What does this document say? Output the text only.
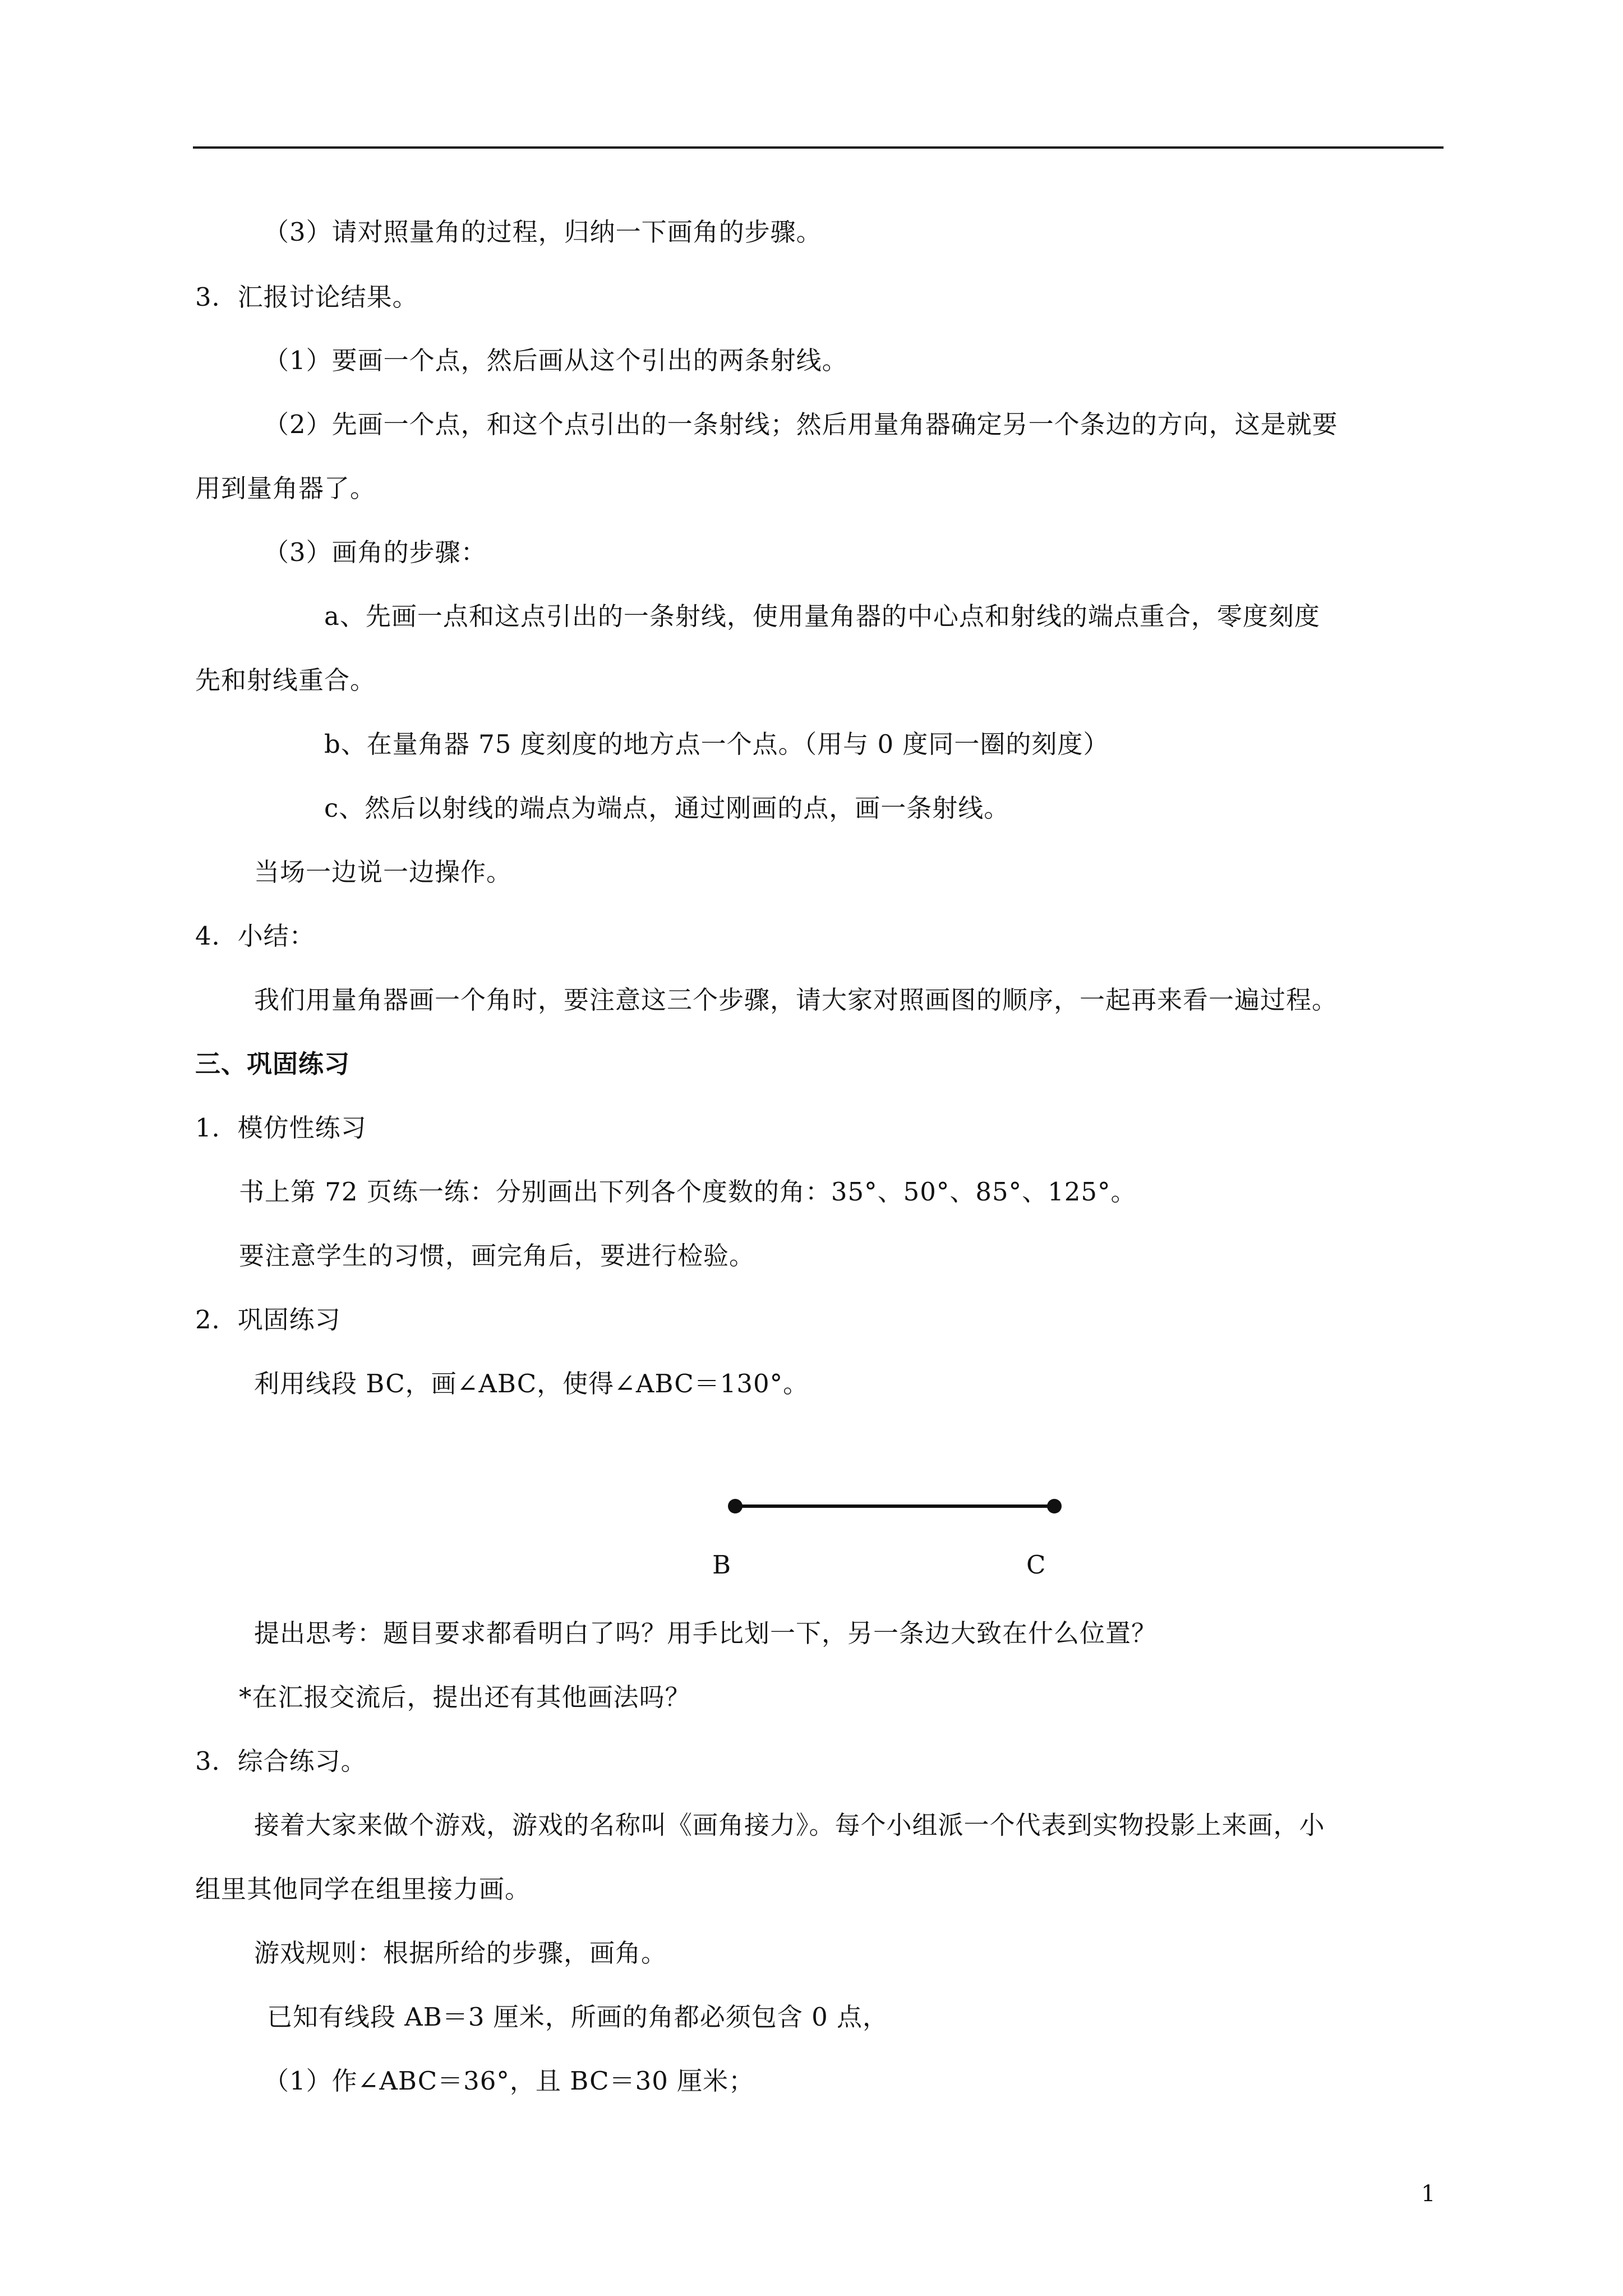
（3）请对照量角的过程，归纳一下画角的步骤。
3．汇报讨论结果。
（1）要画一个点，然后画从这个引出的两条射线。
（2）先画一个点，和这个点引出的一条射线；然后用量角器确定另一个条边的方向，这是就要
用到量角器了。
（3）画角的步骤：
a、先画一点和这点引出的一条射线，使用量角器的中心点和射线的端点重合，零度刻度
先和射线重合。
b、在量角器 75 度刻度的地方点一个点。（用与 0 度同一圈的刻度）
c、然后以射线的端点为端点，通过刚画的点，画一条射线。
当场一边说一边操作。
4．小结：
我们用量角器画一个角时，要注意这三个步骤，请大家对照画图的顺序，一起再来看一遍过程。
三、巩固练习
1．模仿性练习
书上第 72 页练一练：分别画出下列各个度数的角：35°、50°、85°、125°。
要注意学生的习惯，画完角后，要进行检验。
2．巩固练习
利用线段 BC，画∠ABC，使得∠ABC＝130°。
B	C
提出思考：题目要求都看明白了吗？用手比划一下，另一条边大致在什么位置？
*在汇报交流后，提出还有其他画法吗？
3．综合练习。
接着大家来做个游戏，游戏的名称叫《画角接力》。每个小组派一个代表到实物投影上来画，小
组里其他同学在组里接力画。
游戏规则：根据所给的步骤，画角。
已知有线段 AB＝3 厘米，所画的角都必须包含 0 点，
（1）作∠ABC＝36°，且 BC＝30 厘米；
1
